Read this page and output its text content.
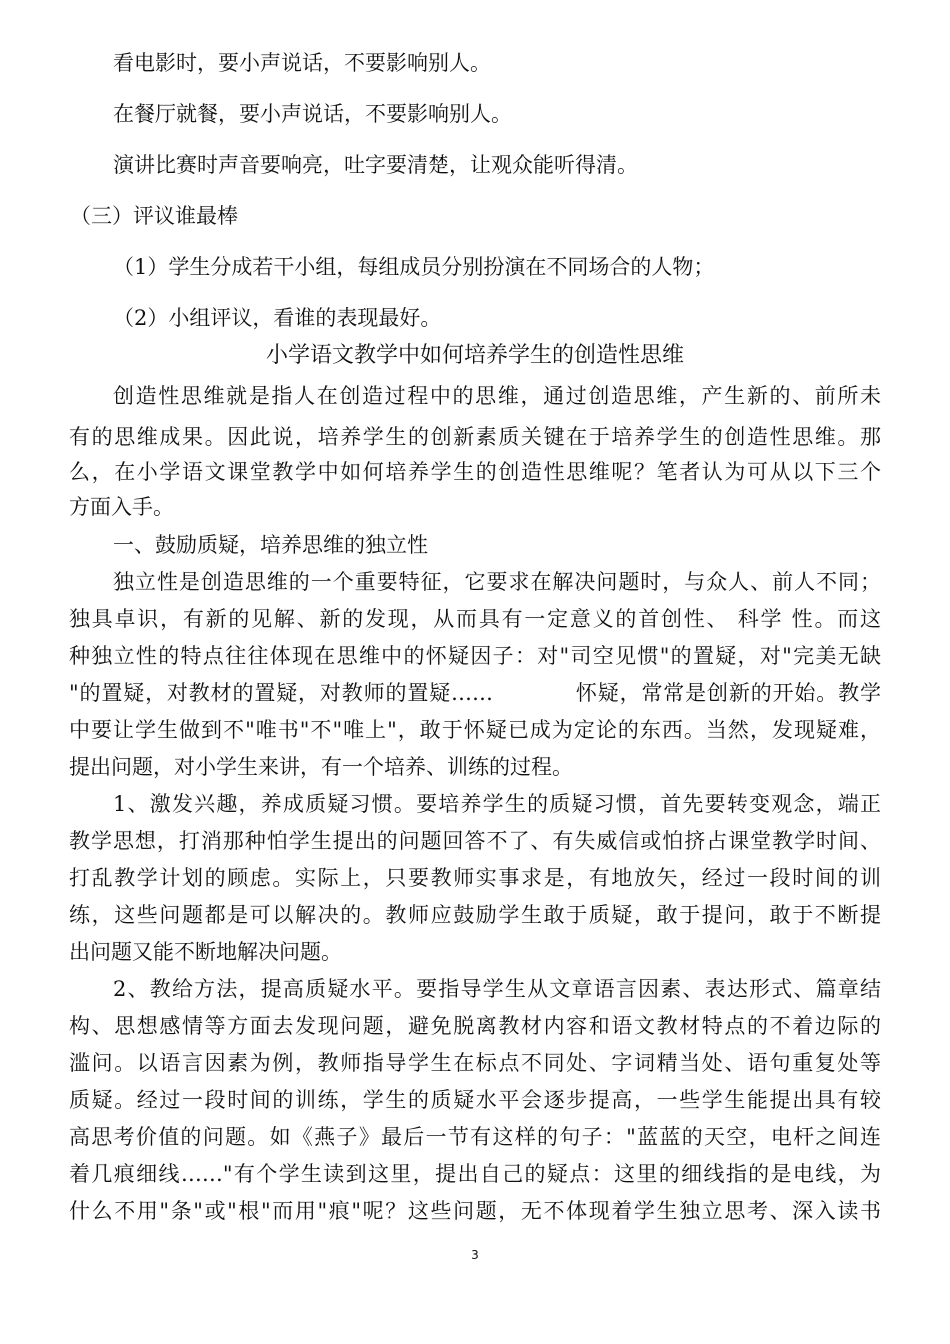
看电影时，要小声说话，不要影响别人。
在餐厅就餐，要小声说话，不要影响别人。
演讲比赛时声音要响亮，吐字要清楚，让观众能听得清。
（三）评议谁最棒
（1）学生分成若干小组，每组成员分别扮演在不同场合的人物；
（2）小组评议，看谁的表现最好。
小学语文教学中如何培养学生的创造性思维
创造性思维就是指人在创造过程中的思维，通过创造思维，产生新的、前所未
有的思维成果。因此说，培养学生的创新素质关键在于培养学生的创造性思维。那
么，在小学语文课堂教学中如何培养学生的创造性思维呢？笔者认为可从以下三个
方面入手。
一、鼓励质疑，培养思维的独立性
独立性是创造思维的一个重要特征，它要求在解决问题时，与众人、前人不同；
独具卓识，有新的见解、新的发现，从而具有一定意义的首创性、 科学 性。而这
种独立性的特点往往体现在思维中的怀疑因子：对"司空见惯"的置疑，对"完美无缺
"的置疑，对教材的置疑，对教师的置疑……           怀疑，常常是创新的开始。教学
中要让学生做到不"唯书"不"唯上"，敢于怀疑已成为定论的东西。当然，发现疑难，
提出问题，对小学生来讲，有一个培养、训练的过程。
1、激发兴趣，养成质疑习惯。要培养学生的质疑习惯，首先要转变观念，端正
教学思想，打消那种怕学生提出的问题回答不了、有失威信或怕挤占课堂教学时间、
打乱教学计划的顾虑。实际上，只要教师实事求是，有地放矢，经过一段时间的训
练，这些问题都是可以解决的。教师应鼓励学生敢于质疑，敢于提问，敢于不断提
出问题又能不断地解决问题。
2、教给方法，提高质疑水平。要指导学生从文章语言因素、表达形式、篇章结
构、思想感情等方面去发现问题，避免脱离教材内容和语文教材特点的不着边际的
滥问。以语言因素为例，教师指导学生在标点不同处、字词精当处、语句重复处等
质疑。经过一段时间的训练，学生的质疑水平会逐步提高，一些学生能提出具有较
高思考价值的问题。如《燕子》最后一节有这样的句子："蓝蓝的天空，电杆之间连
着几痕细线……"有个学生读到这里，提出自己的疑点：这里的细线指的是电线，为
什么不用"条"或"根"而用"痕"呢？这些问题，无不体现着学生独立思考、深入读书
3
